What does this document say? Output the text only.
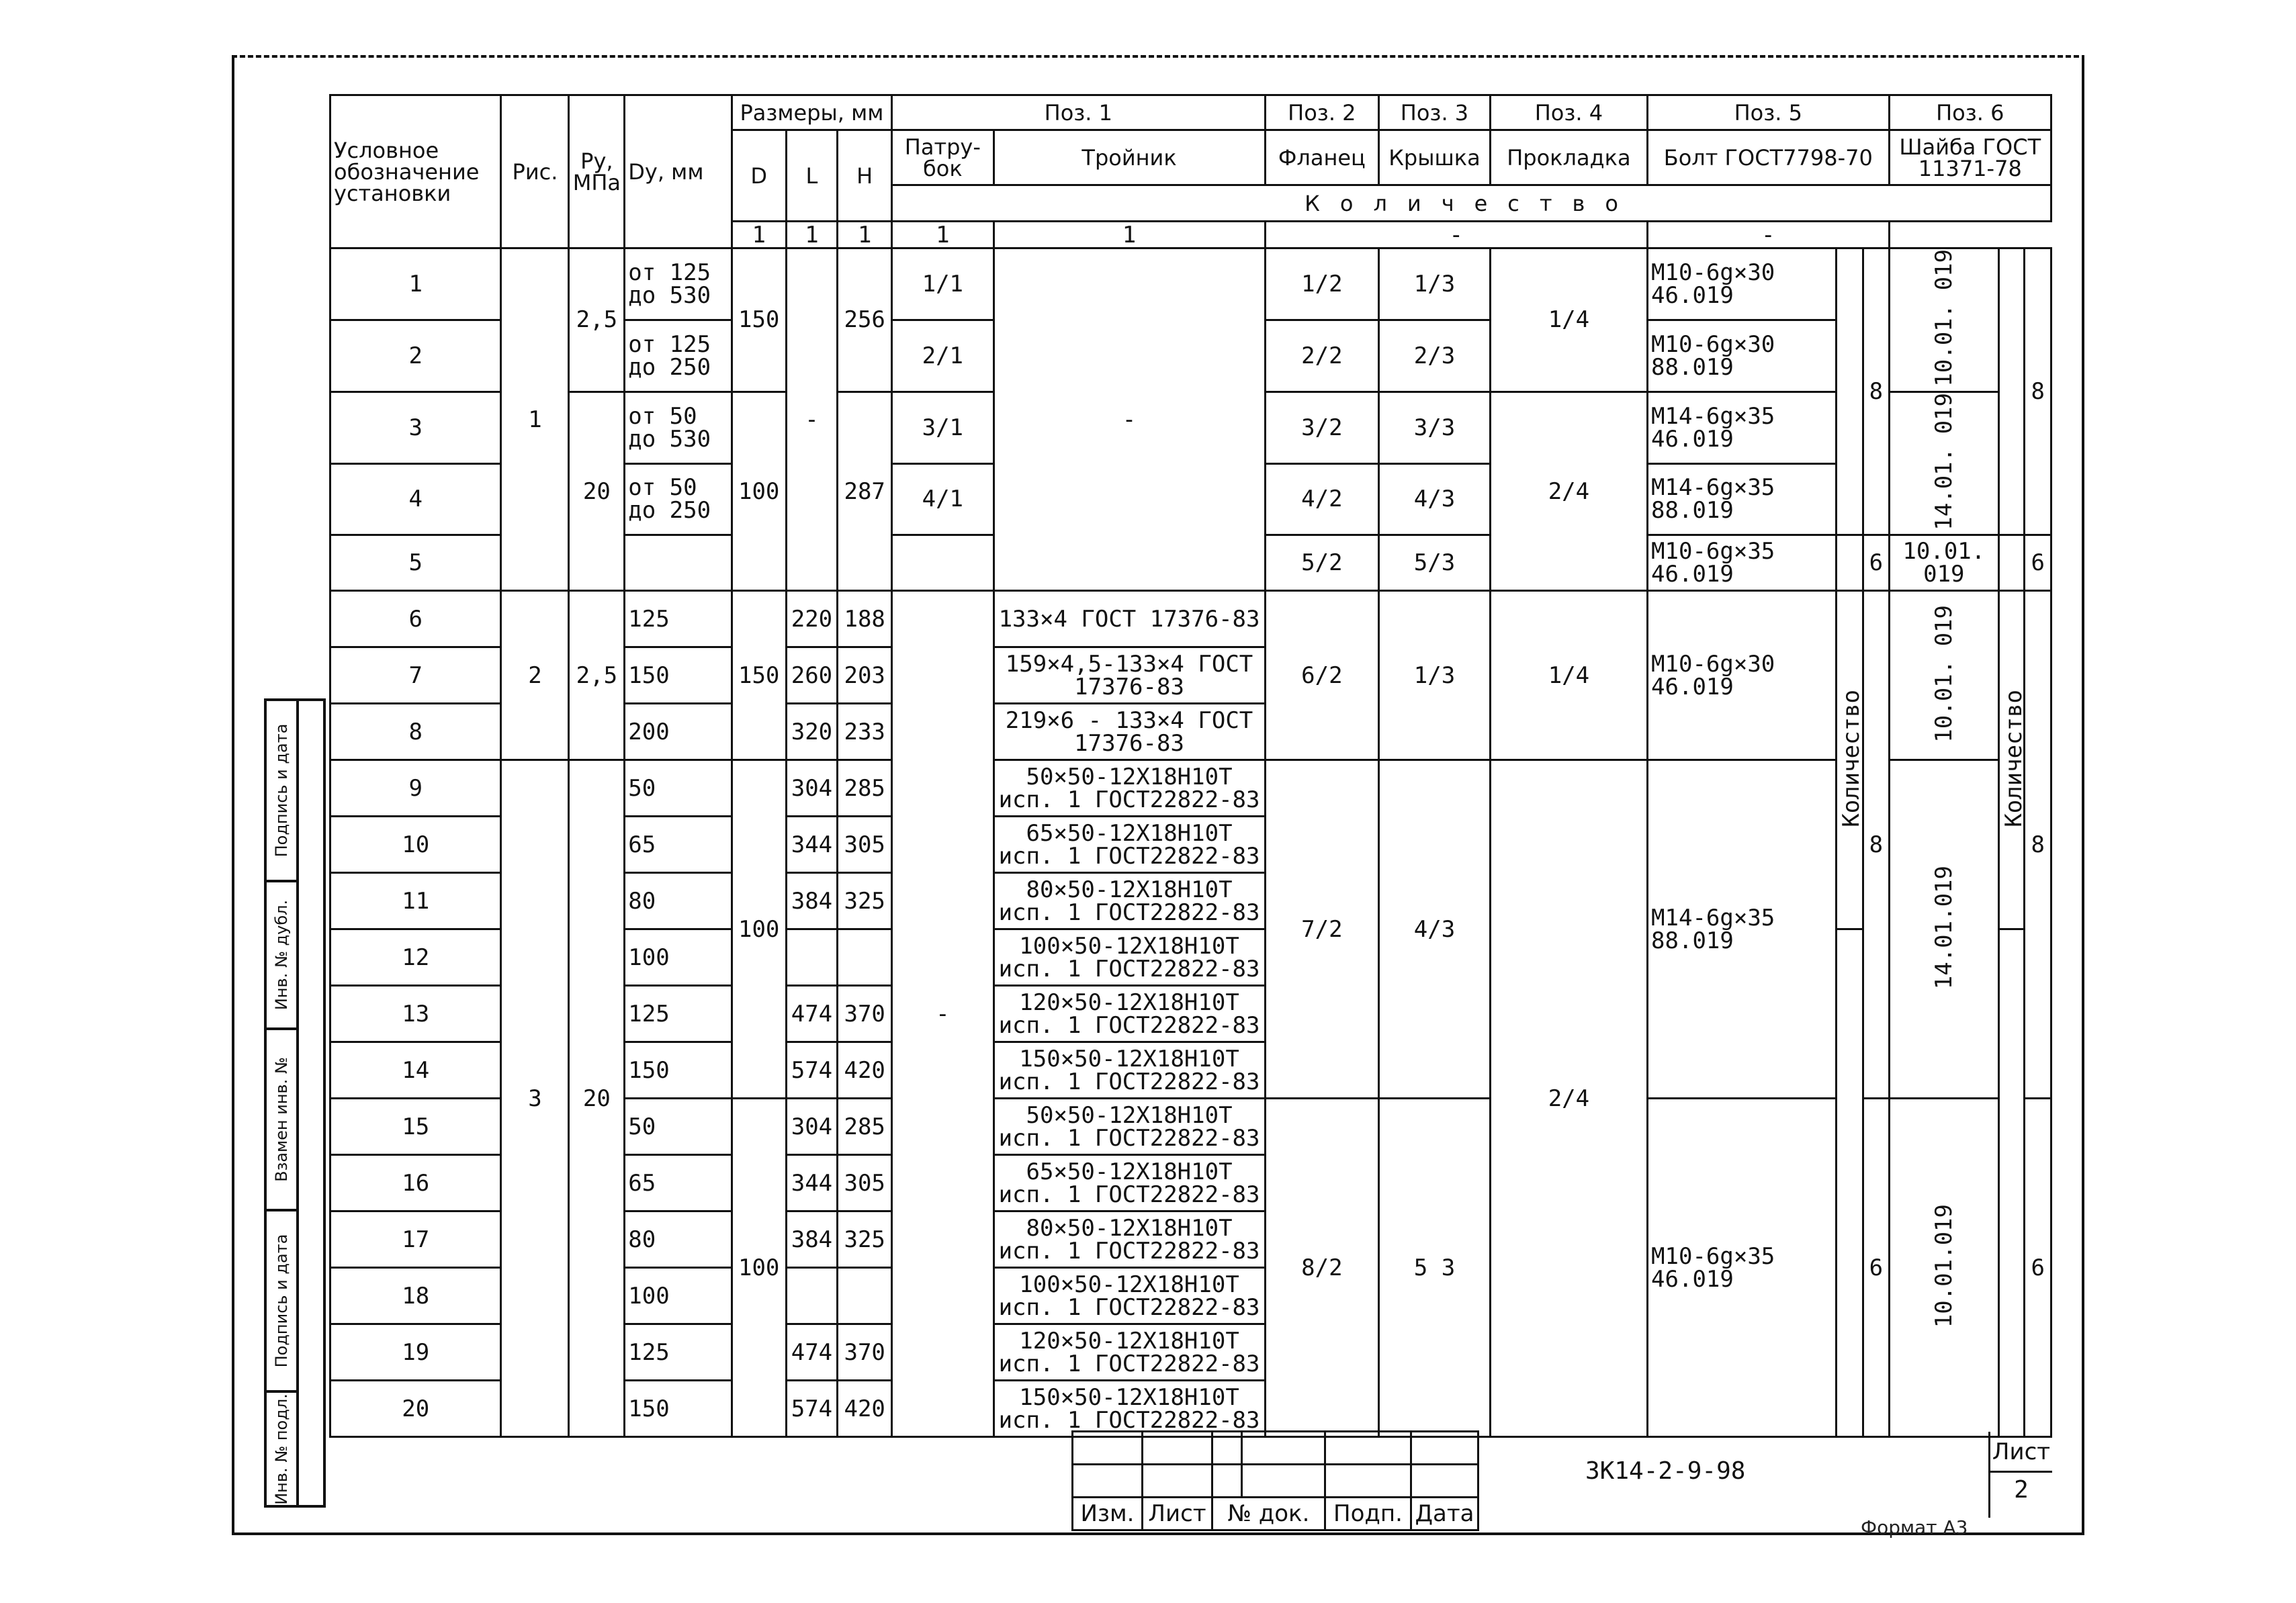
Подпись и дата
Инв. № дубл.
Взамен инв. №
Подпись и дата
Инв. № подл.
Условное обозначение установки	Рис.	Pу, МПа	Dу, мм	Размеры, мм			Поз. 1		Поз. 2	Поз. 3	Поз. 4	Поз. 5			Поз. 6		
				D	L	H	Патру-бок	Тройник	Фланец	Крышка	Прокладка	Болт ГОСТ7798-70			Шайба ГОСТ 11371-78		
							Количество										
				1	1	1	1	1	-			-					
1	1	2,5	от 125 до 530	150	-	256	1/1	-	1/2	1/3	1/4	M10-6g×30 46.019		8	10.01. 019		8
2			от 125 до 250				2/1		2/2	2/3		M10-6g×30 88.019					
3		20	от 50 до 530	100		287	3/1		3/2	3/3	2/4	M14-6g×35 46.019			14.01. 019		
4			от 50 до 250				4/1		4/2	4/3		M14-6g×35 88.019					
5									5/2	5/3		M10-6g×35 46.019		6	10.01. 019		6
6	2	2,5	125	150	220	188	-	133×4 ГОСТ 17376-83	6/2	1/3	1/4	M10-6g×30 46.019	Количество	8	10.01. 019	Количество	8
7			150		260	203		159×4,5-133×4 ГОСТ 17376-83									
8			200		320	233		219×6 - 133×4 ГОСТ 17376-83									
9	3	20	50	100	304	285		50×50-12Х18Н10Т исп. 1 ГОСТ22822-83	7/2	4/3	2/4	M14-6g×35 88.019			14.01.019		
10			65		344	305		65×50-12Х18Н10Т исп. 1 ГОСТ22822-83									
11			80		384	325		80×50-12Х18Н10Т исп. 1 ГОСТ22822-83									
12			100					100×50-12Х18Н10Т исп. 1 ГОСТ22822-83									
13			125		474	370		120×50-12Х18Н10Т исп. 1 ГОСТ22822-83									
14			150		574	420		150×50-12Х18Н10Т исп. 1 ГОСТ22822-83									
15			50	100	304	285		50×50-12Х18Н10Т исп. 1 ГОСТ22822-83	8/2	5 3		M10-6g×35 46.019		6	10.01.019		6
16			65		344	305		65×50-12Х18Н10Т исп. 1 ГОСТ22822-83									
17			80		384	325		80×50-12Х18Н10Т исп. 1 ГОСТ22822-83									
18			100					100×50-12Х18Н10Т исп. 1 ГОСТ22822-83									
19			125		474	370		120×50-12Х18Н10Т исп. 1 ГОСТ22822-83									
20			150		574	420		150×50-12Х18Н10Т исп. 1 ГОСТ22822-83									

Изм.	Лист	№ док.		Подп.	Дата
ЗК14-2-9-98
Лист
2
Формат А3
